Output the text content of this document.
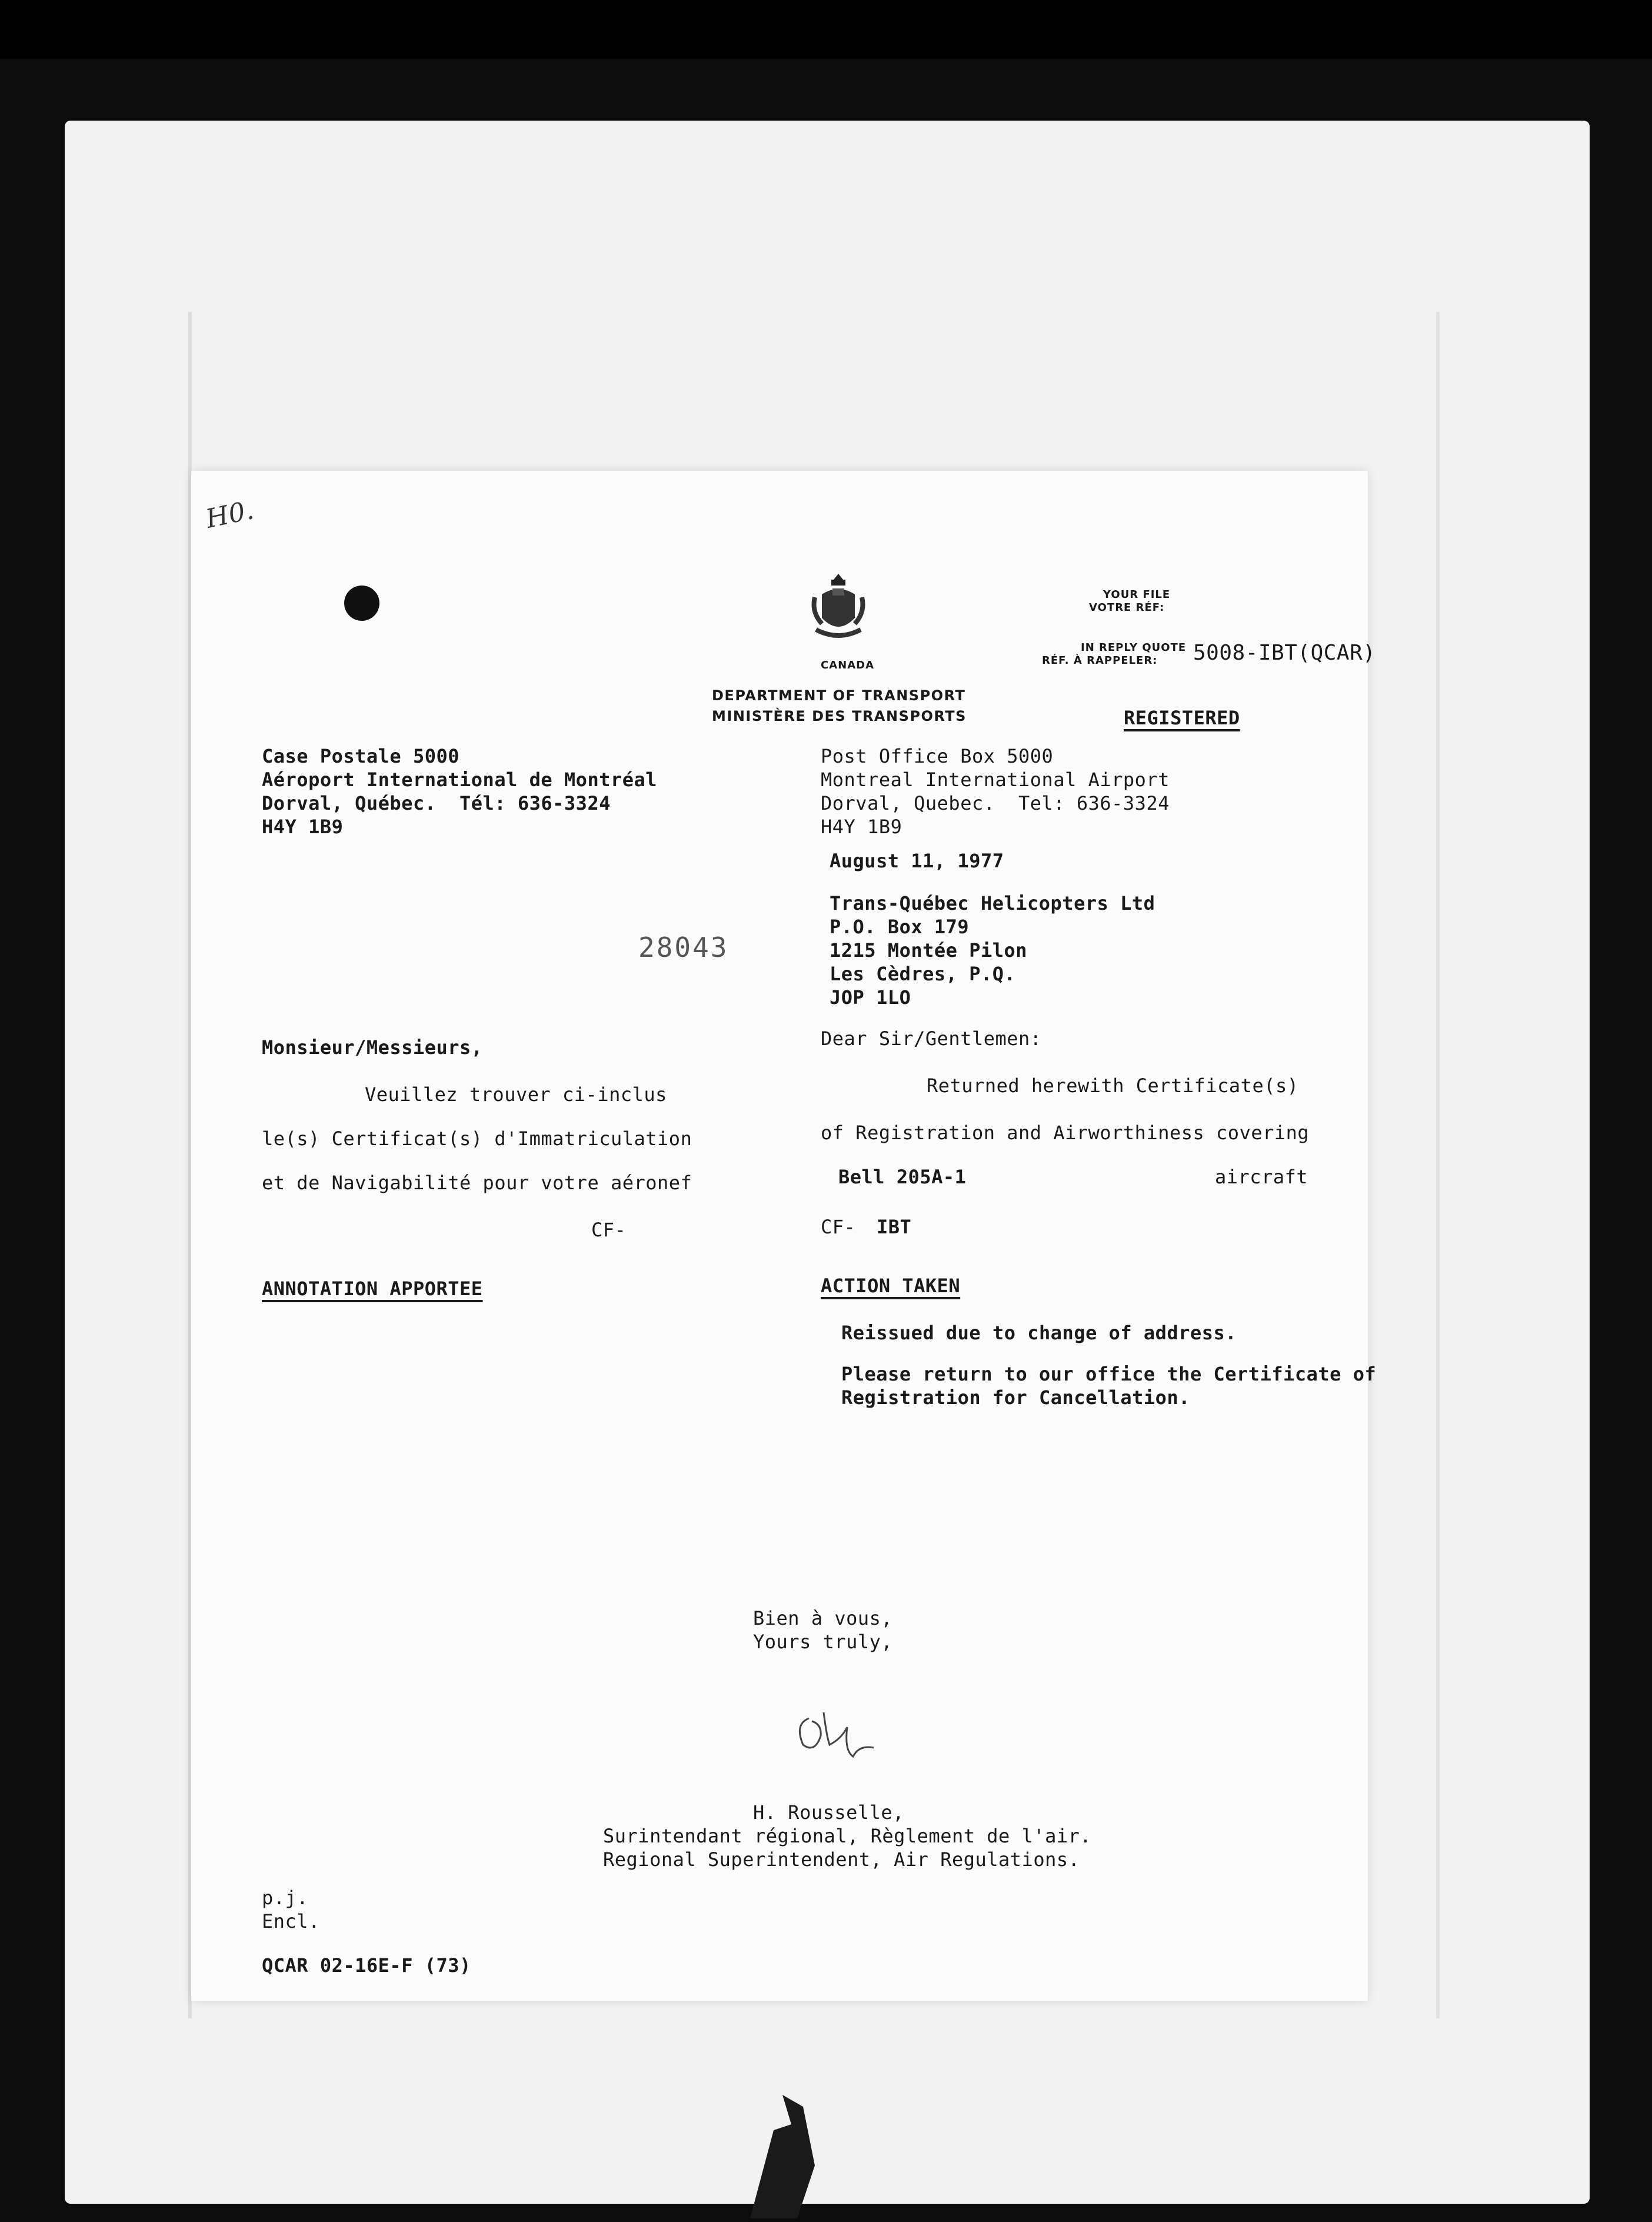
H0.
CANADA
DEPARTMENT OF TRANSPORT
MINISTÈRE DES TRANSPORTS
YOUR FILE
VOTRE RÉF:
IN REPLY QUOTE
RÉF. À RAPPELER: 5008-IBT(QCAR)
REGISTERED
Case Postale 5000
Aéroport International de Montréal
Dorval, Québec.  Tél: 636-3324
H4Y 1B9
Post Office Box 5000
Montreal International Airport
Dorval, Quebec.  Tel: 636-3324
H4Y 1B9
August 11, 1977
Trans-Québec Helicopters Ltd
P.O. Box 179
1215 Montée Pilon
Les Cèdres, P.Q.
JOP 1LO
28043
Monsieur/Messieurs,	Dear Sir/Gentlemen:
Veuillez trouver ci-inclus	Returned herewith Certificate(s)
le(s) Certificat(s) d'Immatriculation	of Registration and Airworthiness covering
et de Navigabilité pour votre aéronef	Bell 205A-1	aircraft
CF-	CF- IBT
ANNOTATION APPORTEE	ACTION TAKEN
Reissued due to change of address.
Please return to our office the Certificate of
Registration for Cancellation.
Bien à vous,
Yours truly,
H. Rousselle,
Surintendant régional, Règlement de l'air.
Regional Superintendent, Air Regulations.
p.j.
Encl.
QCAR 02-16E-F (73)
